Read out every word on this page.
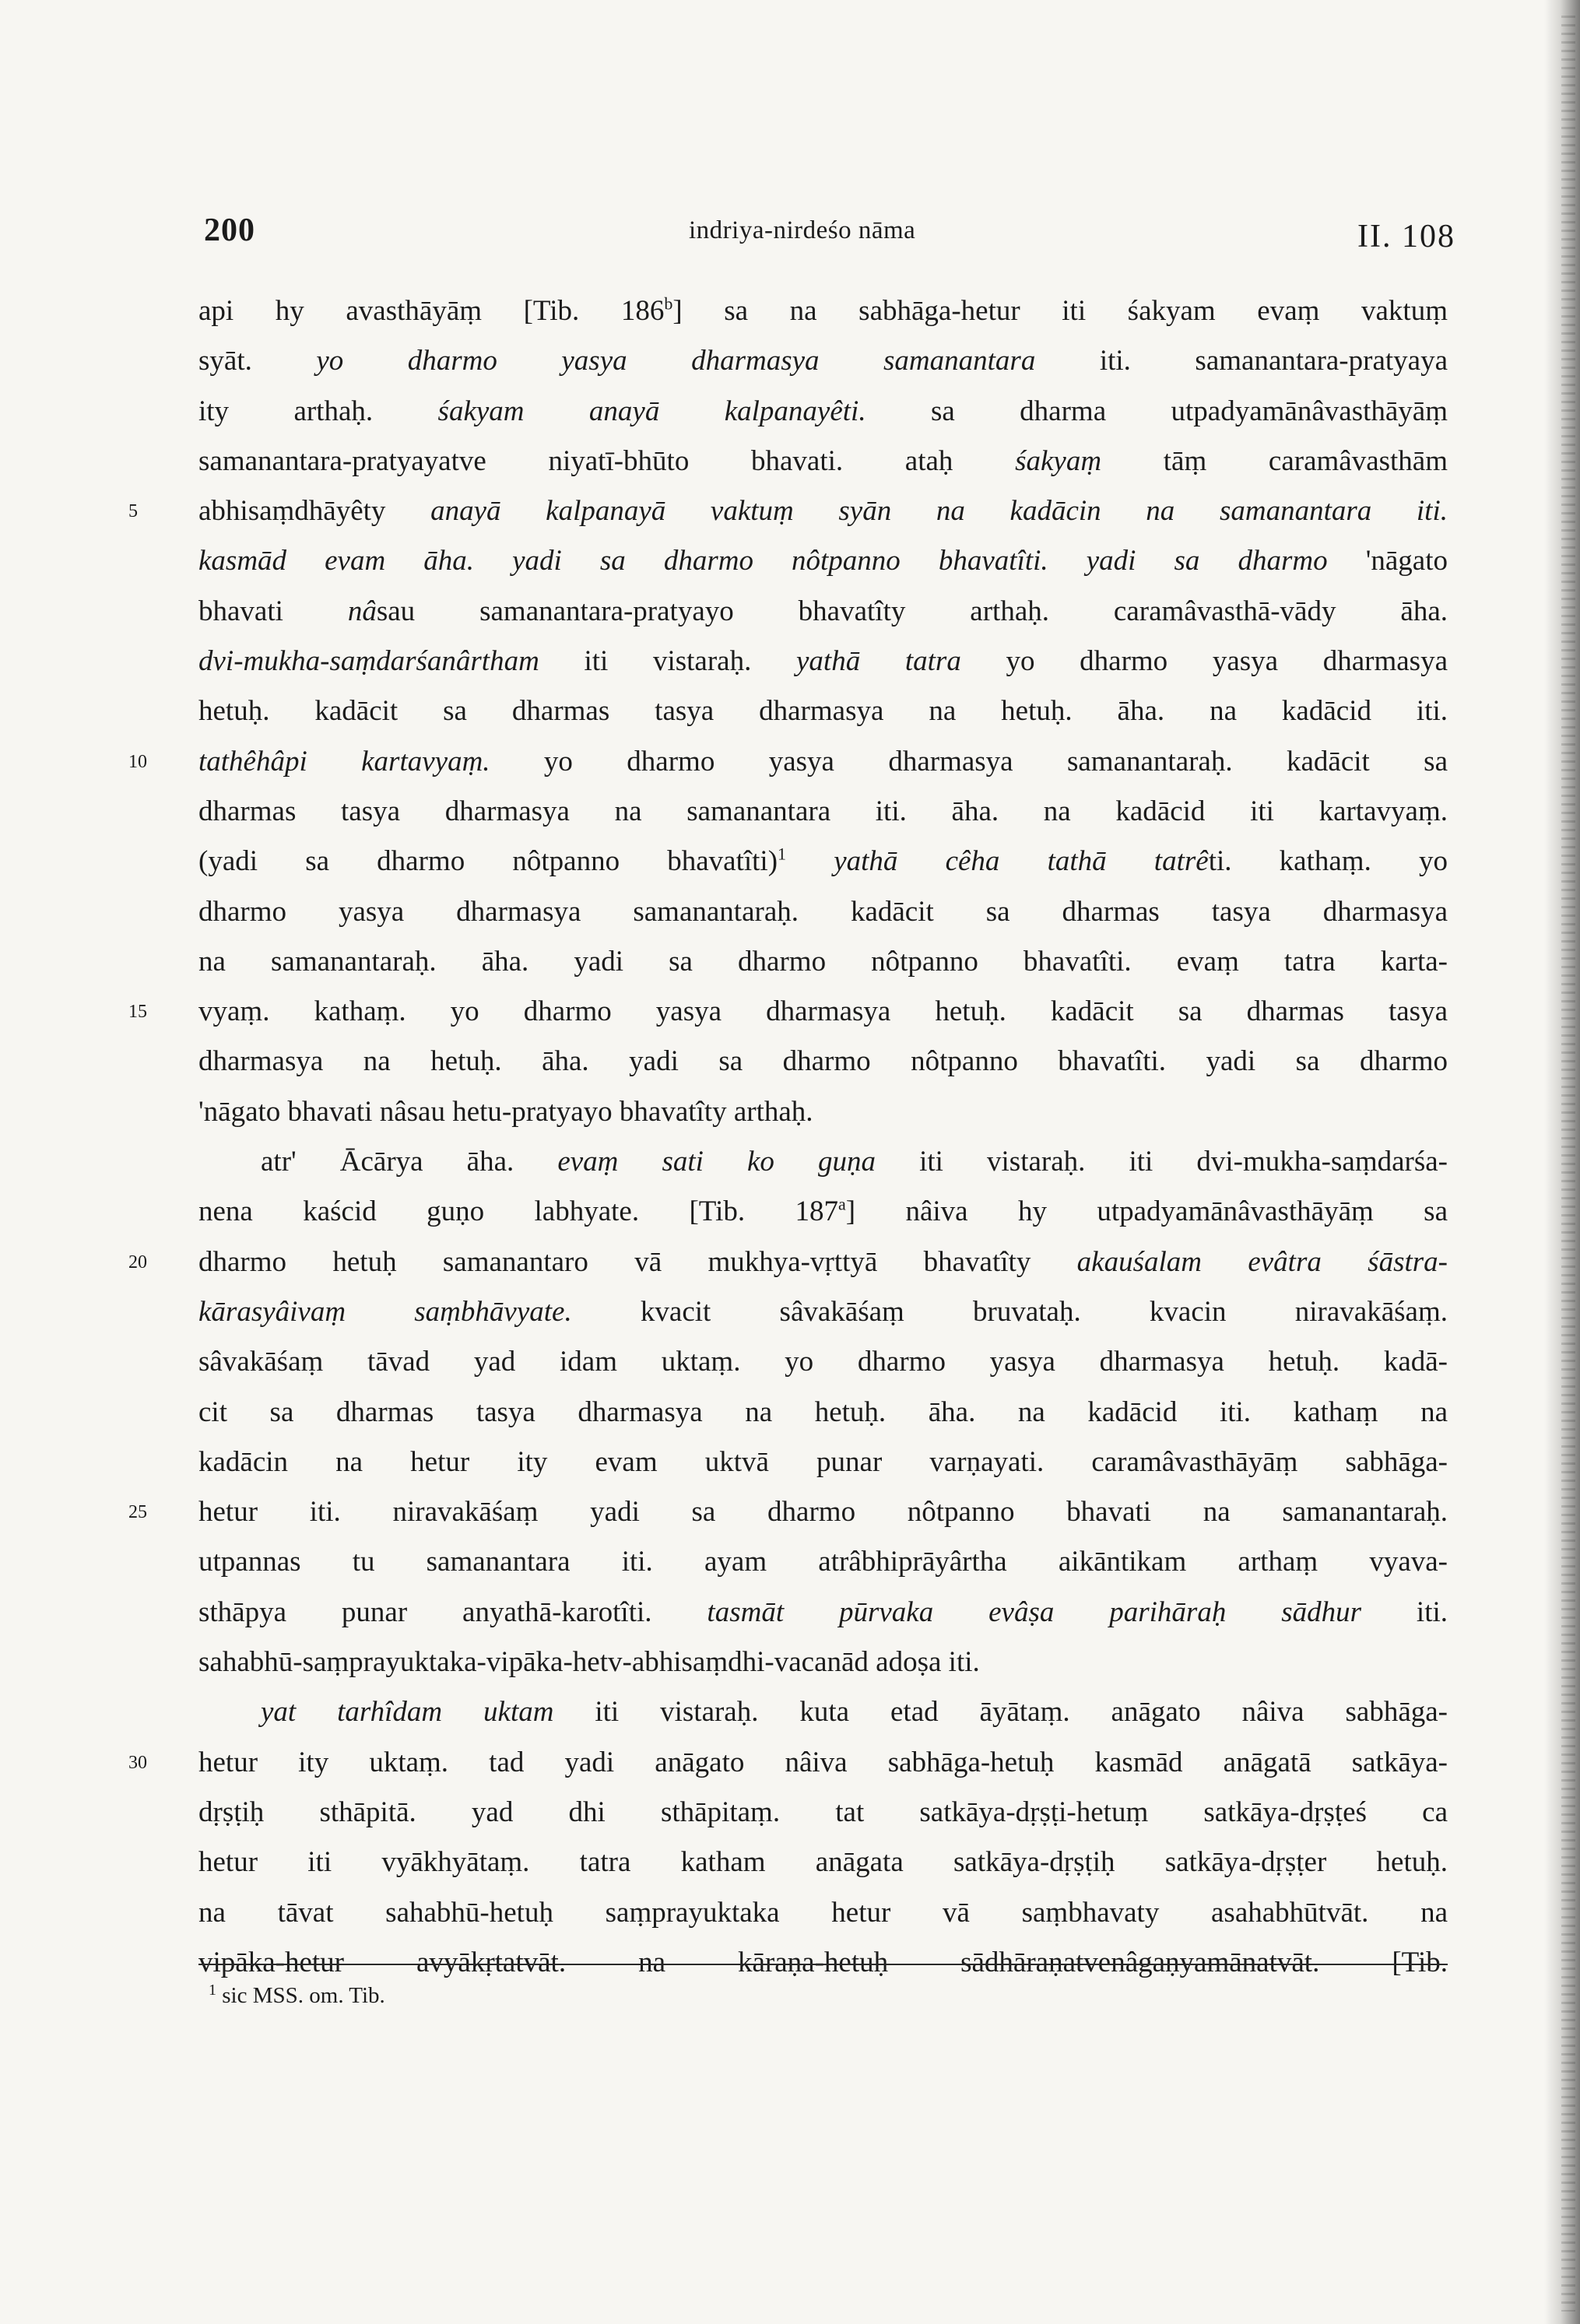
200	indriya-nirdeśo nāma	II. 108
api hy avasthāyāṃ [Tib. 186$^b$] sa na sabhāga-hetur iti śakyam evaṃ vaktuṃ
syāt. yo dharmo yasya dharmasya samanantara iti. samanantara-pratyaya
ity arthaḥ. śakyam anayā kalpanayêti. sa dharma utpadyamānâvasthāyāṃ
samanantara-pratyayatve niyatī-bhūto bhavati. ataḥ śakyaṃ tāṃ caramâvasthām
5	abhisaṃdhāyêty anayā kalpanayā vaktuṃ syān na kadācin na samanantara iti.
kasmād evam āha. yadi sa dharmo nôtpanno bhavatîti. yadi sa dharmo 'nāgato
bhavati nâsau samanantara-pratyayo bhavatîty arthaḥ. caramâvasthā-vādy āha.
dvi-mukha-saṃdarśanârtham iti vistaraḥ. yathā tatra yo dharmo yasya dharmasya
hetuḥ. kadācit sa dharmas tasya dharmasya na hetuḥ. āha. na kadācid iti.
10	tathêhâpi kartavyaṃ. yo dharmo yasya dharmasya samanantaraḥ. kadācit sa
dharmas tasya dharmasya na samanantara iti. āha. na kadācid iti kartavyaṃ.
(yadi sa dharmo nôtpanno bhavatîti)$^1$ yathā cêha tathā tatrêti. kathaṃ. yo
dharmo yasya dharmasya samanantaraḥ. kadācit sa dharmas tasya dharmasya
na samanantaraḥ. āha. yadi sa dharmo nôtpanno bhavatîti. evaṃ tatra karta-
15	vyaṃ. kathaṃ. yo dharmo yasya dharmasya hetuḥ. kadācit sa dharmas tasya
dharmasya na hetuḥ. āha. yadi sa dharmo nôtpanno bhavatîti. yadi sa dharmo
'nāgato bhavati nâsau hetu-pratyayo bhavatîty arthaḥ.
atr' Ācārya āha. evaṃ sati ko guṇa iti vistaraḥ. iti dvi-mukha-saṃdarśa-
nena kaścid guṇo labhyate. [Tib. 187$^a$] nâiva hy utpadyamānâvasthāyāṃ sa
20	dharmo hetuḥ samanantaro vā mukhya-vṛttyā bhavatîty akauśalam evâtra śāstra-
kārasyâivaṃ saṃbhāvyate. kvacit sâvakāśaṃ bruvataḥ. kvacin niravakāśaṃ.
sâvakāśaṃ tāvad yad idam uktaṃ. yo dharmo yasya dharmasya hetuḥ. kadā-
cit sa dharmas tasya dharmasya na hetuḥ. āha. na kadācid iti. kathaṃ na
kadācin na hetur ity evam uktvā punar varṇayati. caramâvasthāyāṃ sabhāga-
25	hetur iti. niravakāśaṃ yadi sa dharmo nôtpanno bhavati na samanantaraḥ.
utpannas tu samanantara iti. ayam atrâbhiprāyârtha aikāntikam arthaṃ vyava-
sthāpya punar anyathā-karotîti. tasmāt pūrvaka evâṣa parihāraḥ sādhur iti.
sahabhū-saṃprayuktaka-vipāka-hetv-abhisaṃdhi-vacanād adoṣa iti.
yat tarhîdam uktam iti vistaraḥ. kuta etad āyātaṃ. anāgato nâiva sabhāga-
30	hetur ity uktaṃ. tad yadi anāgato nâiva sabhāga-hetuḥ kasmād anāgatā satkāya-
dṛṣṭiḥ sthāpitā. yad dhi sthāpitaṃ. tat satkāya-dṛṣṭi-hetuṃ satkāya-dṛṣṭeś ca
hetur iti vyākhyātaṃ. tatra katham anāgata satkāya-dṛṣṭiḥ satkāya-dṛṣṭer hetuḥ.
na tāvat sahabhū-hetuḥ saṃprayuktaka hetur vā saṃbhavaty asahabhūtvāt. na
vipāka-hetur avyākṛtatvāt. na kāraṇa-hetuḥ sādhāraṇatvenâgaṇyamānatvāt. [Tib.
$^1$ sic MSS. om. Tib.
